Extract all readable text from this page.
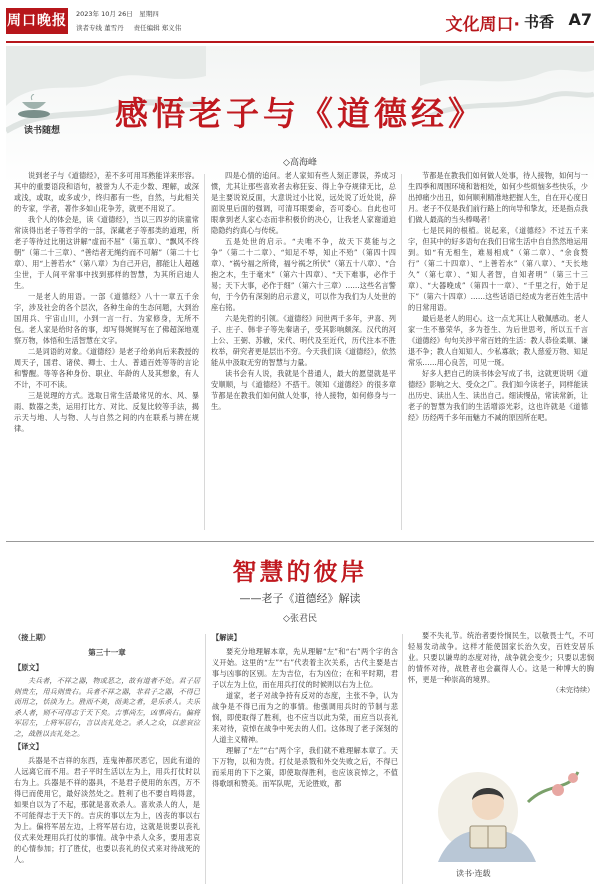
周口晚报 2023年 10月 26日　星期四
读者专线 董雪丹 责任编辑 郑义伟	文化周口· 书香 A7
读书随想	感悟老子与《道德经》
◇高海峰

说到老子与《道德经》，差不多可用耳熟能详来形容。其中的重要语段和语句，被誉为人不走少数、理解，或深或浅，或取，或多或少，终归都有一些，自然，与此相关的专家，学者，著作多如山花争芳，就更不用说了。

我个人的体会是，读《道德经》，当以三四岁的读童常常读得出老子等哲学的一部，深藏老子等那类的道理，所老子等待过比朋这讲解“虚而不屈”（第五章）、“飘风不终朝”（第二十三章）、“善结者无绳约而不可解”（第二十七章）、用“上善若水”（第八章）为自己开启，都能让人超越尘世，于人间平常事中找到那样的智慧，为其所启迪人生。

一是老人的用语。一部《道德经》八十一章五千余字，涉及社会的各个层次，各种生命的生态问题，大到治国用兵、宇宙山川，小到一言一行、为家修身，无所不包。老人家是给时各的事，却写得娓娓写在了佛超深地观察万物，体悟和生活智慧在文字。

二是词语的对象。《道德经》是老子给弟向后来教授的周天子，国君、诸侯、卿士、士人、普通百姓等等的言论和警醒。等等各种身份、职业、年龄的人及其想象，有人不计，不可不读。

三是说理的方式。选取日常生活最常见的水、风、暴雨、数器之类，运用打比方、对比、反复比较等手法，揭示天与地、人与物、人与自然之间的内在联系与辨在规律。

四是心情的追问。老人家知有些人刻正谬误，养成习惯，尤其让那些喜欢者去称狂妄、得上争夺规律无比，总是主要说说反面，大意说过小比说，远处说了近处说，辞面说里后面的强调，可清耳眼要命，否可委心。自此也可眼拿到老人家心态而非积极价的决心，让我老人家谢道迫隐隐约约真心与传统。

五是处世的启示。“夫唯不争，故天下莫能与之争”（第二十二章）、“知足不辱，知止不殆”（第四十四章）、“祸兮福之所倚，福兮祸之所伏”（第五十八章）、“合抱之木，生于毫末”（第六十四章）、“天下难事，必作于易；天下大事，必作于细”（第六十三章）……这些名言警句，于今仍有深刻的启示意义，可以作为我们为人处世的座右铭。

六是先哲的引领。《道德经》问世两千多年，尹喜、列子、庄子、韩非子等先秦诸子，受其影响颇深。汉代的河上公、王弼、苏辙，宋代、明代及至近代，历代注本不胜枚举，研究者更是层出不穷。今天我们读《道德经》，依然能从中汲取无穷的智慧与力量。

读书会有人说，我就是个普通人，最大的愿望就是平安顺顺，与《道德经》不搭干。领知《道德经》的很多章节都是在教我们如何做人处事，待人接物，如何修身与一生。

节都是在教我们如何做人处事，待人接物，如何与一生四季和周围环境和谐相处，如何少些烦恼多些快乐，少出掉痛少出丑，如何顺利精准地把握人生，自在开心度日月。老子不仅是我们前行路上的向导和挚友，还是指点我们做人最高的当头棒喝者！

七是民间的根植。说起来，《道德经》不过五千来字，但其中的好多语句在我们日常生活中自自然然地运用到。如“有无相生，难易相成”（第二章）、“余食赘行”（第二十四章）、“上善若水”（第八章）、“天长地久”（第七章）、“知人者智，自知者明”（第三十三章）、“大器晚成”（第四十一章）、“千里之行，始于足下”（第六十四章）……这些话语已经成为老百姓生活中的日常用语。

最后是老人的用心。这一点尤其让人敬佩感动。老人家一生不慕荣华，多为苍生、为后世思考，所以五千言《道德经》句句关涉平常百姓的生活：教人恭俭柔顺、谦退不争；教人自知知人、少私寡欲；教人慈爱万物、知足常乐……用心良苦，可见一斑。

好多人把自己的读书体会写成了书，这就更说明《道德经》影响之大、受众之广。我们如今读老子，同样能读出历史、读出人生、读出自己。细读慢品，常读常新，让老子的智慧为我们的生活增添光彩，这也许就是《道德经》历经两千多年而魅力不减的原因所在吧。

智慧的彼岸
——老子《道德经》解读
◇张君民
（接上期）
第三十一章
【原文】

夫兵者，不祥之器，物或恶之，故有道者不处。君子居则贵左，用兵则贵右。兵者不祥之器，非君子之器，不得已而用之，恬淡为上。胜而不美，而美之者，是乐杀人。夫乐杀人者，则不可得志于天下矣。吉事尚左，凶事尚右。偏将军居左，上将军居右，言以丧礼处之。杀人之众，以悲哀泣之，战胜以丧礼处之。

【译文】

兵器是不吉祥的东西，连鬼神都厌恶它，因此有道的人远离它而不用。君子平时生活以左为上，用兵打仗时以右为上。兵器是不祥的器具，不是君子使用的东西，万不得已而使用它，最好淡然处之。胜利了也不要自鸣得意，如果自以为了不起，那就是喜欢杀人。喜欢杀人的人，是不可能得志于天下的。吉庆的事以左为上，凶丧的事以右为上。偏将军居左边，上将军居右边，这就是说要以丧礼仪式来处理用兵打仗的事情。战争中杀人众多，要用悲哀的心情参加；打了胜仗，也要以丧礼的仪式来对待战死的人。

【解读】

要充分地理解本章，先从理解“左”和“右”两个字的含义开始。这里的“左”“右”代表着主次关系，古代主要是吉事与凶事的区别。左为吉位，右为凶位；在和平时期，君子以左为上位，而在用兵打仗的时候则以右为上位。

道家，老子对战争持有反对的态度，主张不争，认为战争是不得已而为之的事情。他强调用兵时的节制与悲悯，即使取得了胜利，也不应当以此为荣，而应当以丧礼来对待，哀悼在战争中死去的人们。这体现了老子深刻的人道主义精神。

理解了“左”“右”两个字，我们就不难理解本章了。天下万物，以和为贵。打仗是杀戮和外交失败之后，不得已而采用的下下之策，即使取得胜利，也应该哀悼之，不值得歌颂和赞美。而军队呢，无论胜败，都

要不失礼节。统治者要怜悯民生，以敬畏士气，不可轻易发动战争。这样才能使国家长治久安，百姓安居乐业。只要以谦卑的态度对待，战争就会变少；只要以悲悯的情怀对待，战胜者也会赢得人心。这是一种博大的胸怀，更是一种崇高的境界。

（未完待续）
读书·连载
